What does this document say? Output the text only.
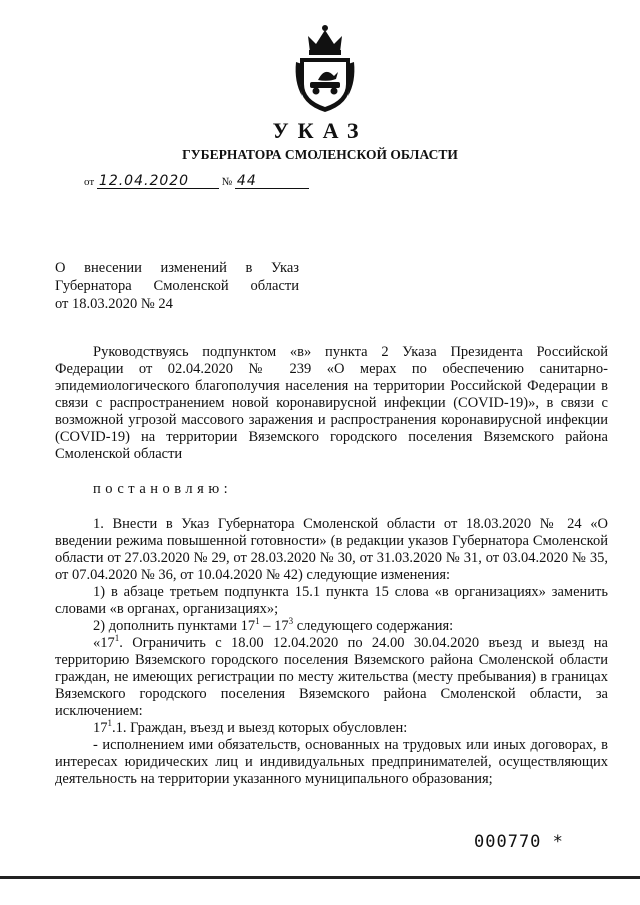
УКАЗ
ГУБЕРНАТОРА СМОЛЕНСКОЙ ОБЛАСТИ
от 12.04.2020	№ 44
О внесении изменений в Указ
Губернатора Смоленской области
от 18.03.2020 № 24
Руководствуясь подпунктом «в» пункта 2 Указа Президента Российской Федерации от 02.04.2020 № 239 «О мерах по обеспечению санитарно-эпидемиологического благополучия населения на территории Российской Федерации в связи с распространением новой коронавирусной инфекции (COVID-19)», в связи с возможной угрозой массового заражения и распространения коронавирусной инфекции (COVID-19) на территории Вяземского городского поселения Вяземского района Смоленской области
постановляю:
1. Внести в Указ Губернатора Смоленской области от 18.03.2020 № 24 «О введении режима повышенной готовности» (в редакции указов Губернатора Смоленской области от 27.03.2020 № 29, от 28.03.2020 № 30, от 31.03.2020 № 31, от 03.04.2020 № 35, от 07.04.2020 № 36, от 10.04.2020 № 42) следующие изменения:
1) в абзаце третьем подпункта 15.1 пункта 15 слова «в организациях» заменить словами «в органах, организациях»;
2) дополнить пунктами $17^1 - 17^3$ следующего содержания:
«$17^1$. Ограничить с 18.00 12.04.2020 по 24.00 30.04.2020 въезд и выезд на территорию Вяземского городского поселения Вяземского района Смоленской области граждан, не имеющих регистрации по месту жительства (месту пребывания) в границах Вяземского городского поселения Вяземского района Смоленской области, за исключением:
$17^1.1$. Граждан, въезд и выезд которых обусловлен:
- исполнением ими обязательств, основанных на трудовых или иных договорах, в интересах юридических лиц и индивидуальных предпринимателей, осуществляющих деятельность на территории указанного муниципального образования;
000770 *
